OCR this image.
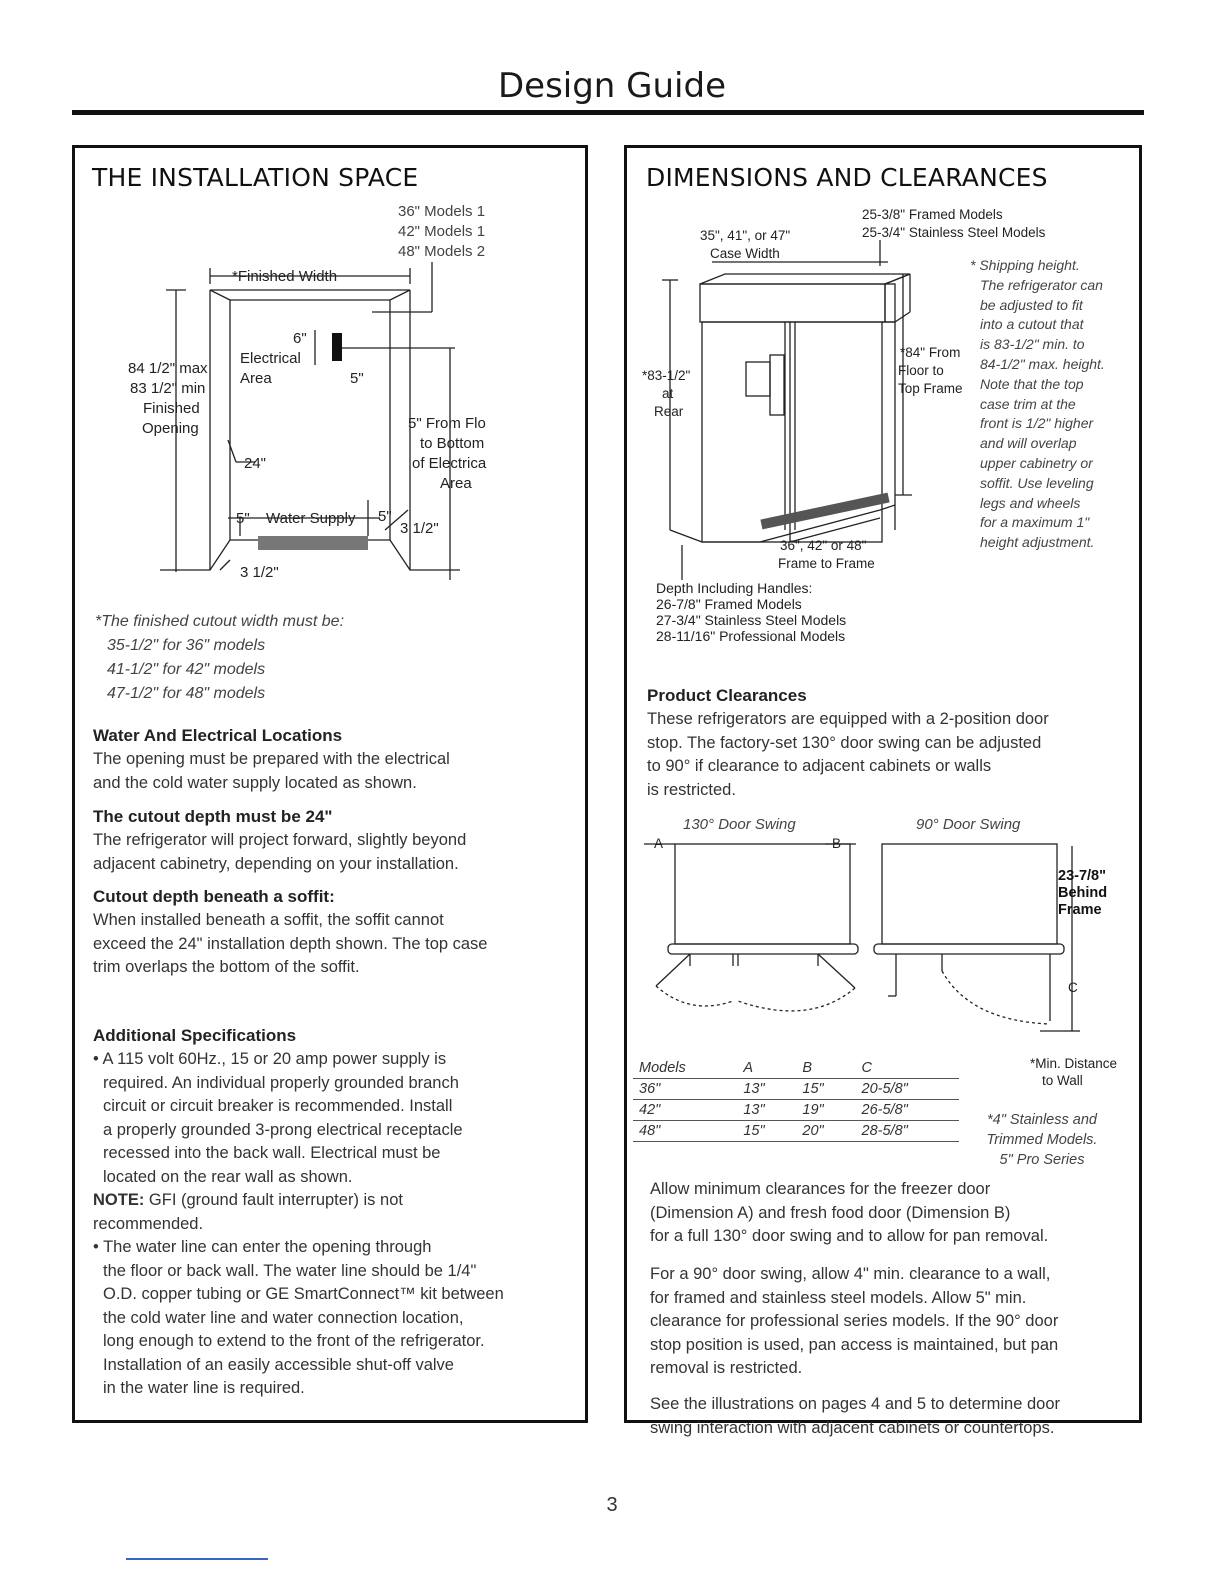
Design Guide
THE INSTALLATION SPACE
36" Models 1
42" Models 1
48" Models 2
*Finished Width
6"
Electrical
Area	5"
84 1/2" max
83 1/2" min
Finished
Opening	5" From Flo
to Bottom
of Electrica
Area
24"
5" Water Supply 5"
3 1/2"
3 1/2"
*The finished cutout width must be:
35-1/2" for 36" models
41-1/2" for 42" models
47-1/2" for 48" models
Water And Electrical Locations

The opening must be prepared with the electrical

and the cold water supply located as shown.

The cutout depth must be 24"

The refrigerator will project forward, slightly beyond

adjacent cabinetry, depending on your installation.

Cutout depth beneath a soffit:

When installed beneath a soffit, the soffit cannot

exceed the 24" installation depth shown. The top case

trim overlaps the bottom of the soffit.

Additional Specifications

• A 115 volt 60Hz., 15 or 20 amp power supply is

required. An individual properly grounded branch

circuit or circuit breaker is recommended. Install

a properly grounded 3-prong electrical receptacle

recessed into the back wall. Electrical must be

located on the rear wall as shown.

NOTE: GFI (ground fault interrupter) is not

recommended.

• The water line can enter the opening through

the floor or back wall. The water line should be 1/4"

O.D. copper tubing or GE SmartConnect™ kit between

the cold water line and water connection location,

long enough to extend to the front of the refrigerator.

Installation of an easily accessible shut-off valve

in the water line is required.

DIMENSIONS AND CLEARANCES
25-3/8" Framed Models
25-3/4" Stainless Steel Models
35", 41", or 47"
Case Width
*83-1/2"
at
Rear
*84" From
Floor to
Top Frame
36", 42" or 48"
Frame to Frame
* Shipping height.
The refrigerator can
be adjusted to fit
into a cutout that
is 83-1/2" min. to
84-1/2" max. height.
Note that the top
case trim at the
front is 1/2" higher
and will overlap
upper cabinetry or
soffit. Use leveling
legs and wheels
for a maximum 1"
height adjustment.
Depth Including Handles:
26-7/8" Framed Models
27-3/4" Stainless Steel Models
28-11/16" Professional Models
Product Clearances

These refrigerators are equipped with a 2-position door

stop. The factory-set 130° door swing can be adjusted

to 90° if clearance to adjacent cabinets or walls

is restricted.

130° Door Swing	90° Door Swing
A	B
C
23-7/8"
Behind
Frame
*Min. Distance
to Wall
Models	A	B	C
36"	13"	15"	20-5/8"
42"	13"	19"	26-5/8"
48"	15"	20"	28-5/8"
*4" Stainless and
Trimmed Models.
5" Pro Series

Allow minimum clearances for the freezer door

(Dimension A) and fresh food door (Dimension B)

for a full 130° door swing and to allow for pan removal.

For a 90° door swing, allow 4" min. clearance to a wall,

for framed and stainless steel models. Allow 5" min.

clearance for professional series models. If the 90° door

stop position is used, pan access is maintained, but pan

removal is restricted.

See the illustrations on pages 4 and 5 to determine door

swing interaction with adjacent cabinets or countertops.

3
